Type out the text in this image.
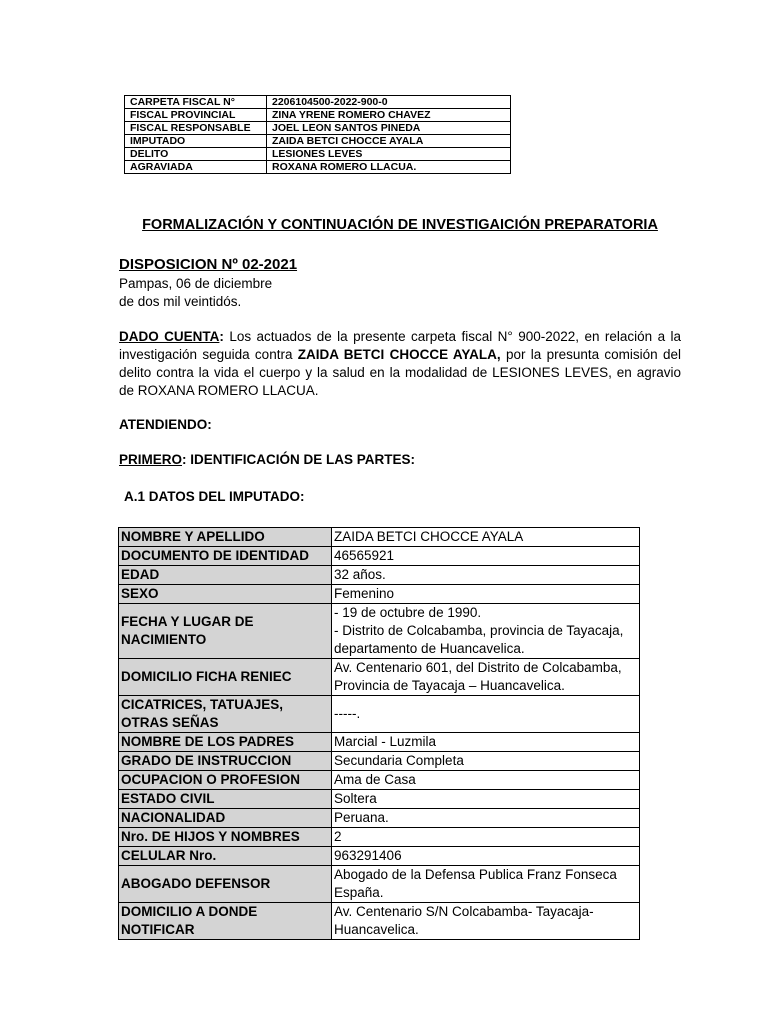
CARPETA FISCAL N°	2206104500-2022-900-0
FISCAL PROVINCIAL	ZINA YRENE ROMERO CHAVEZ
FISCAL RESPONSABLE	JOEL LEON SANTOS PINEDA
IMPUTADO	ZAIDA BETCI CHOCCE AYALA
DELITO	LESIONES LEVES
AGRAVIADA	ROXANA ROMERO LLACUA.
FORMALIZACIÓN Y CONTINUACIÓN DE INVESTIGAICIÓN PREPARATORIA
DISPOSICION Nº 02-2021
Pampas, 06 de diciembre
de dos mil veintidós.
DADO CUENTA: Los actuados de la presente carpeta fiscal N° 900-2022, en relación a la investigación seguida contra ZAIDA BETCI CHOCCE AYALA, por la presunta comisión del delito contra la vida el cuerpo y la salud en la modalidad de LESIONES LEVES, en agravio de ROXANA ROMERO LLACUA.
ATENDIENDO:
PRIMERO: IDENTIFICACIÓN DE LAS PARTES:
A.1 DATOS DEL IMPUTADO:
NOMBRE Y APELLIDO	ZAIDA BETCI CHOCCE AYALA
DOCUMENTO DE IDENTIDAD	46565921
EDAD	32 años.
SEXO	Femenino
FECHA Y LUGAR DE NACIMIENTO	- 19 de octubre de 1990.
- Distrito de Colcabamba, provincia de Tayacaja, departamento de Huancavelica.

DOMICILIO FICHA RENIEC	Av. Centenario 601, del Distrito de Colcabamba, Provincia de Tayacaja – Huancavelica.
CICATRICES, TATUAJES, OTRAS SEÑAS	-----.
NOMBRE DE LOS PADRES	Marcial - Luzmila
GRADO DE INSTRUCCION	Secundaria Completa
OCUPACION O PROFESION	Ama de Casa
ESTADO CIVIL	Soltera
NACIONALIDAD	Peruana.
Nro. DE HIJOS Y NOMBRES	2
CELULAR Nro.	963291406
ABOGADO DEFENSOR	Abogado de la Defensa Publica Franz Fonseca España.
DOMICILIO A DONDE NOTIFICAR	Av. Centenario S/N Colcabamba- Tayacaja- Huancavelica.
